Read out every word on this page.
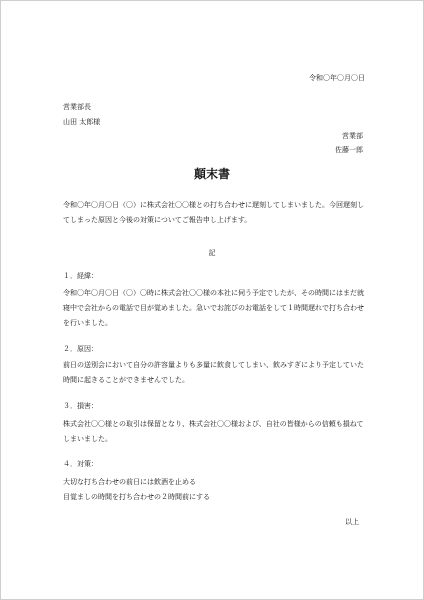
令和〇年〇月〇日
営業部長
山田 太郎様
営業部
佐藤一郎
顛末書
令和〇年〇月〇日（〇）に株式会社〇〇様との打ち合わせに遅刻してしまいました。今回遅刻してしまった原因と今後の対策についてご報告申し上げます。
記
１．経緯：
令和〇年〇月〇日（〇）〇時に株式会社〇〇様の本社に伺う予定でしたが、その時間にはまだ就寝中で会社からの電話で目が覚めました。急いでお詫びのお電話をして１時間遅れで打ち合わせを行いました。
２．原因：
前日の送別会において自分の許容量よりも多量に飲食してしまい、飲みすぎにより予定していた時間に起きることができませんでした。
３．損害：
株式会社〇〇様との取引は保留となり、株式会社〇〇様および、自社の皆様からの信頼も損ねてしまいました。
４．対策：
大切な打ち合わせの前日には飲酒を止める
目覚ましの時間を打ち合わせの２時間前にする
以上
